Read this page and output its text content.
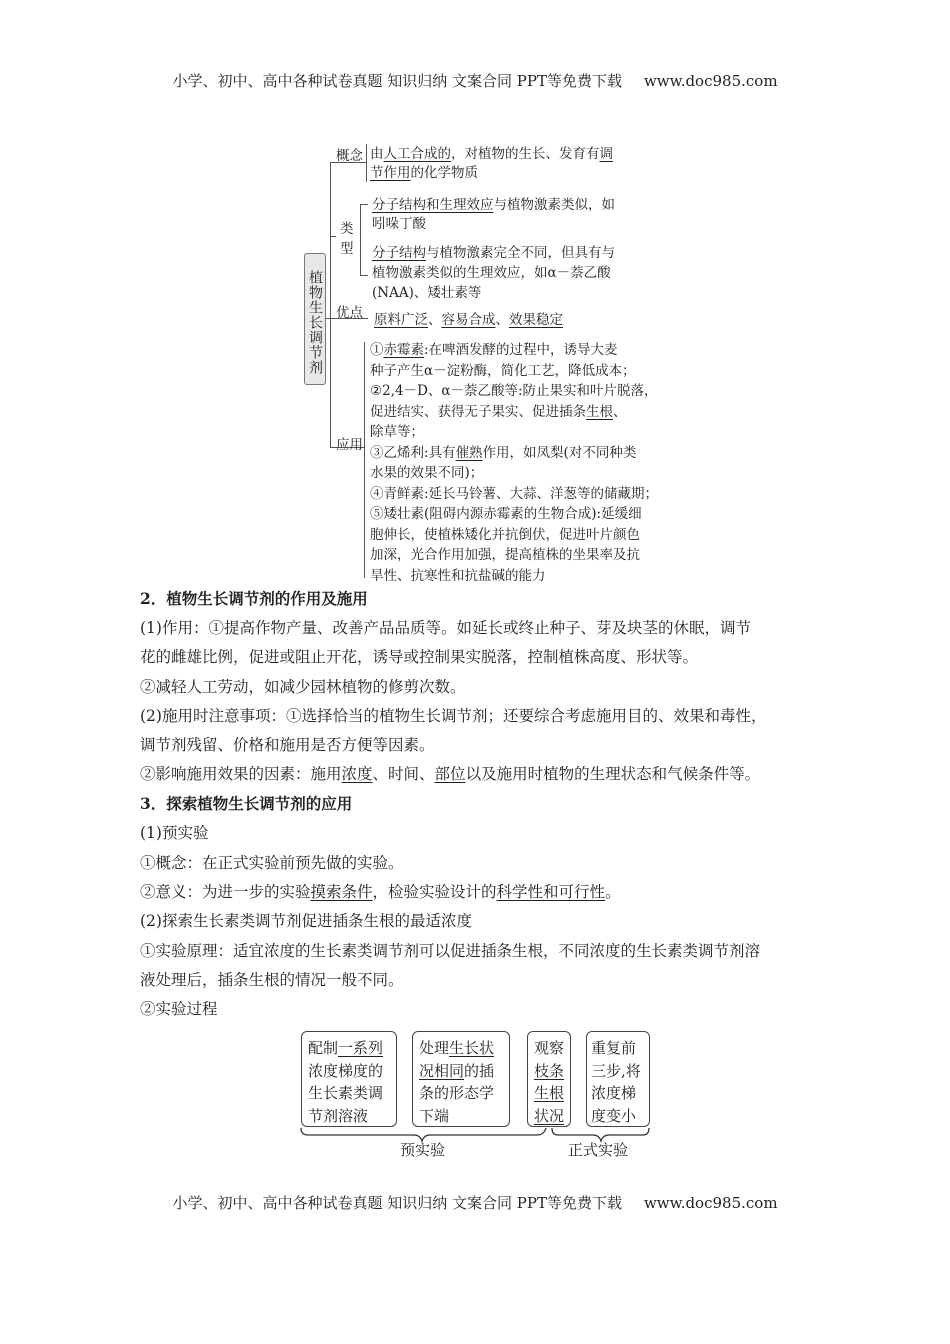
小学、初中、高中各种试卷真题 知识归纳 文案合同 PPT等免费下载 www.doc985.com
小学、初中、高中各种试卷真题 知识归纳 文案合同 PPT等免费下载 www.doc985.com
植物生长调节剂
概念 由人工合成的，对植物的生长、发育有调
节作用的化学物质
类
型
分子结构和生理效应与植物激素类似，如
吲哚丁酸
分子结构与植物激素完全不同，但具有与
植物激素类似的生理效应，如α－萘乙酸
(NAA)、矮壮素等
优点 原料广泛、容易合成、效果稳定
应用
①赤霉素:在啤酒发酵的过程中，诱导大麦
种子产生α－淀粉酶，简化工艺，降低成本；
②2,4－D、α－萘乙酸等:防止果实和叶片脱落，
促进结实、获得无子果实、促进插条生根、
除草等；
③乙烯利:具有催熟作用，如凤梨(对不同种类
水果的效果不同)；
④青鲜素:延长马铃薯、大蒜、洋葱等的储藏期；
⑤矮壮素(阻碍内源赤霉素的生物合成):延缓细
胞伸长，使植株矮化并抗倒伏，促进叶片颜色
加深，光合作用加强，提高植株的坐果率及抗
旱性、抗寒性和抗盐碱的能力
2．植物生长调节剂的作用及施用
(1)作用：①提高作物产量、改善产品品质等。如延长或终止种子、芽及块茎的休眠，调节
花的雌雄比例，促进或阻止开花，诱导或控制果实脱落，控制植株高度、形状等。
②减轻人工劳动，如减少园林植物的修剪次数。
(2)施用时注意事项：①选择恰当的植物生长调节剂；还要综合考虑施用目的、效果和毒性，
调节剂残留、价格和施用是否方便等因素。
②影响施用效果的因素：施用浓度、时间、部位以及施用时植物的生理状态和气候条件等。
3．探索植物生长调节剂的应用
(1)预实验
①概念：在正式实验前预先做的实验。
②意义：为进一步的实验摸索条件，检验实验设计的科学性和可行性。
(2)探索生长素类调节剂促进插条生根的最适浓度
①实验原理：适宜浓度的生长素类调节剂可以促进插条生根，不同浓度的生长素类调节剂溶
液处理后，插条生根的情况一般不同。
②实验过程
配制一系列
浓度梯度的
生长素类调
节剂溶液
处理生长状
况相同的插
条的形态学
下端
观察
枝条
生根
状况
重复前
三步,将
浓度梯
度变小
预实验	正式实验
